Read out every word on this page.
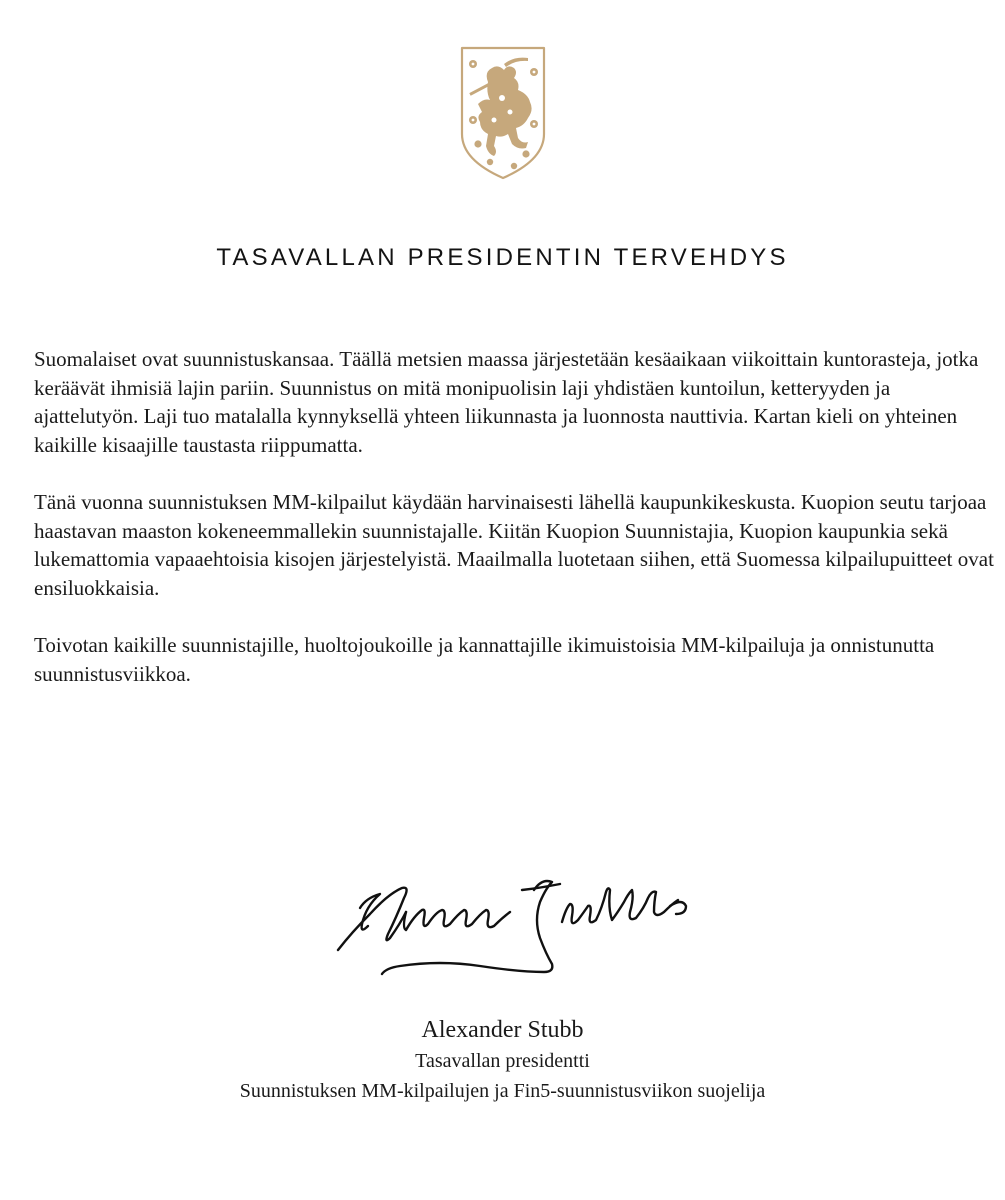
TASAVALLAN PRESIDENTIN TERVEHDYS

Suomalaiset ovat suunnistuskansaa. Täällä metsien maassa järjestetään kesäaikaan viikoittain kuntorasteja, jotka keräävät ihmisiä lajin pariin. Suunnistus on mitä monipuolisin laji yhdistäen kuntoilun, ketteryyden ja ajattelutyön. Laji tuo matalalla kynnyksellä yhteen liikunnasta ja luonnosta nauttivia. Kartan kieli on yhteinen kaikille kisaajille taustasta riippumatta.

Tänä vuonna suunnistuksen MM-kilpailut käydään harvinaisesti lähellä kaupunkikeskusta. Kuopion seutu tarjoaa haastavan maaston kokeneemmallekin suunnistajalle. Kiitän Kuopion Suunnistajia, Kuopion kaupunkia sekä lukemattomia vapaaehtoisia kisojen järjestelyistä. Maailmalla luotetaan siihen, että Suomessa kilpailupuitteet ovat ensiluokkaisia.

Toivotan kaikille suunnistajille, huoltojoukoille ja kannattajille ikimuistoisia MM-kilpailuja ja onnistunutta suunnistusviikkoa.

Alexander Stubb
Tasavallan presidentti
Suunnistuksen MM-kilpailujen ja Fin5-suunnistusviikon suojelija
